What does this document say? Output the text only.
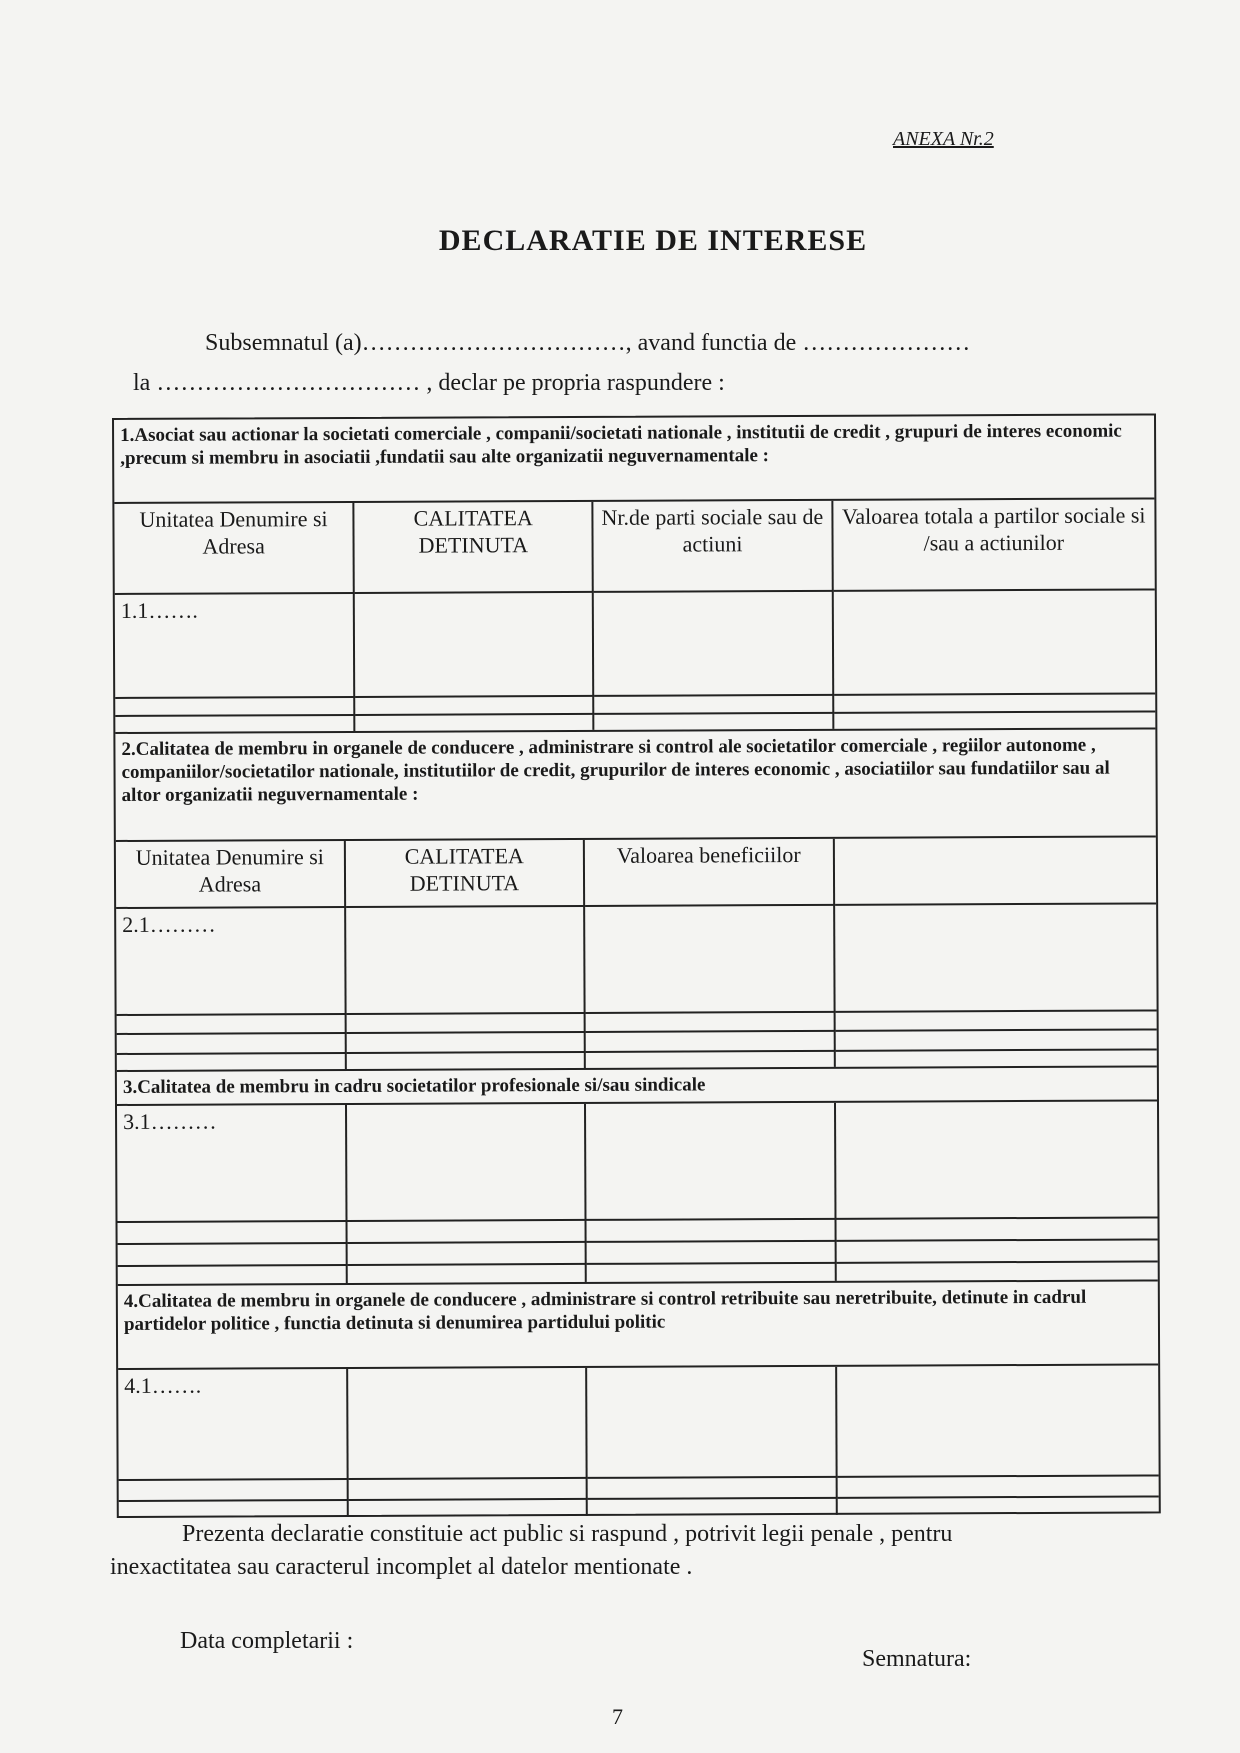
ANEXA Nr.2
DECLARATIE DE INTERESE
Subsemnatul (a)……………………………, avand functia de …………………
la …………………………… , declar pe propria raspundere :
1.Asociat sau actionar la societati comerciale , companii/societati nationale , institutii de credit , grupuri de interes economic ,precum si membru in asociatii ,fundatii sau alte organizatii neguvernamentale :
Unitatea Denumire si Adresa	CALITATEA DETINUTA	Nr.de parti sociale sau de actiuni	Valoarea totala a partilor sociale si /sau a actiunilor
1.1…….			

2.Calitatea de membru in organele de conducere , administrare si control ale societatilor comerciale , regiilor autonome , companiilor/societatilor nationale, institutiilor de credit, grupurilor de interes economic , asociatiilor sau fundatiilor sau al altor organizatii neguvernamentale :
Unitatea Denumire si Adresa	CALITATEA DETINUTA	Valoarea beneficiilor	
2.1………			

3.Calitatea de membru in cadru societatilor profesionale si/sau sindicale
3.1………			

4.Calitatea de membru in organele de conducere , administrare si control retribuite sau neretribuite, detinute in cadrul partidelor politice , functia detinuta si denumirea partidului politic
4.1…….			

Prezenta declaratie constituie act public si raspund , potrivit legii penale , pentru
inexactitatea sau caracterul incomplet al datelor mentionate .
Data completarii :
Semnatura:
7
